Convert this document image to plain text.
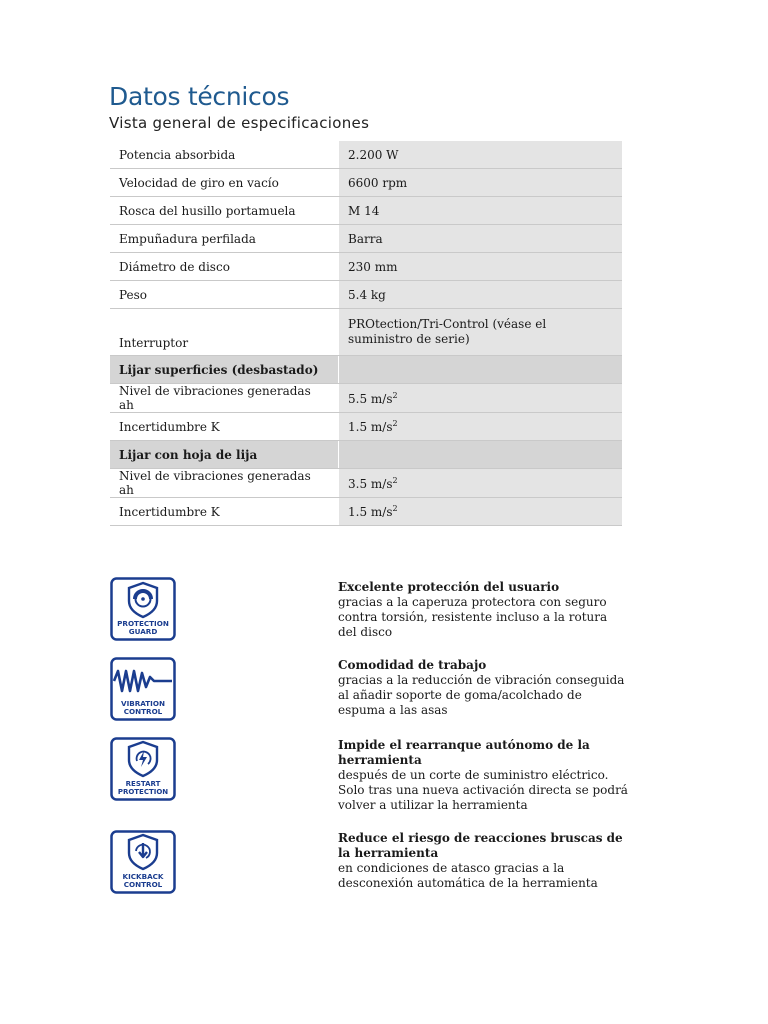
Datos técnicos
Vista general de especificaciones
Potencia absorbida	2.200 W
Velocidad de giro en vacío	6600 rpm
Rosca del husillo portamuela	M 14
Empuñadura perfilada	Barra
Diámetro de disco	230 mm
Peso	5.4 kg
Interruptor	PROtection/Tri-Control (véase el suministro de serie)
Lijar superficies (desbastado)	
Nivel de vibraciones generadas ah	5.5 $m/s^2$
Incertidumbre K	1.5 $m/s^2$
Lijar con hoja de lija	
Nivel de vibraciones generadas ah	3.5 $m/s^2$
Incertidumbre K	1.5 $m/s^2$
PROTECTION
GUARD
Excelente protección del usuario
gracias a la caperuza protectora con seguro contra torsión, resistente incluso a la rotura del disco
VIBRATION
CONTROL
Comodidad de trabajo
gracias a la reducción de vibración conseguida al añadir soporte de goma/acolchado de espuma a las asas
RESTART
PROTECTION
Impide el rearranque autónomo de la herramienta
después de un corte de suministro eléctrico. Solo tras una nueva activación directa se podrá volver a utilizar la herramienta
KICKBACK
CONTROL
Reduce el riesgo de reacciones bruscas de la herramienta
en condiciones de atasco gracias a la desconexión automática de la herramienta
